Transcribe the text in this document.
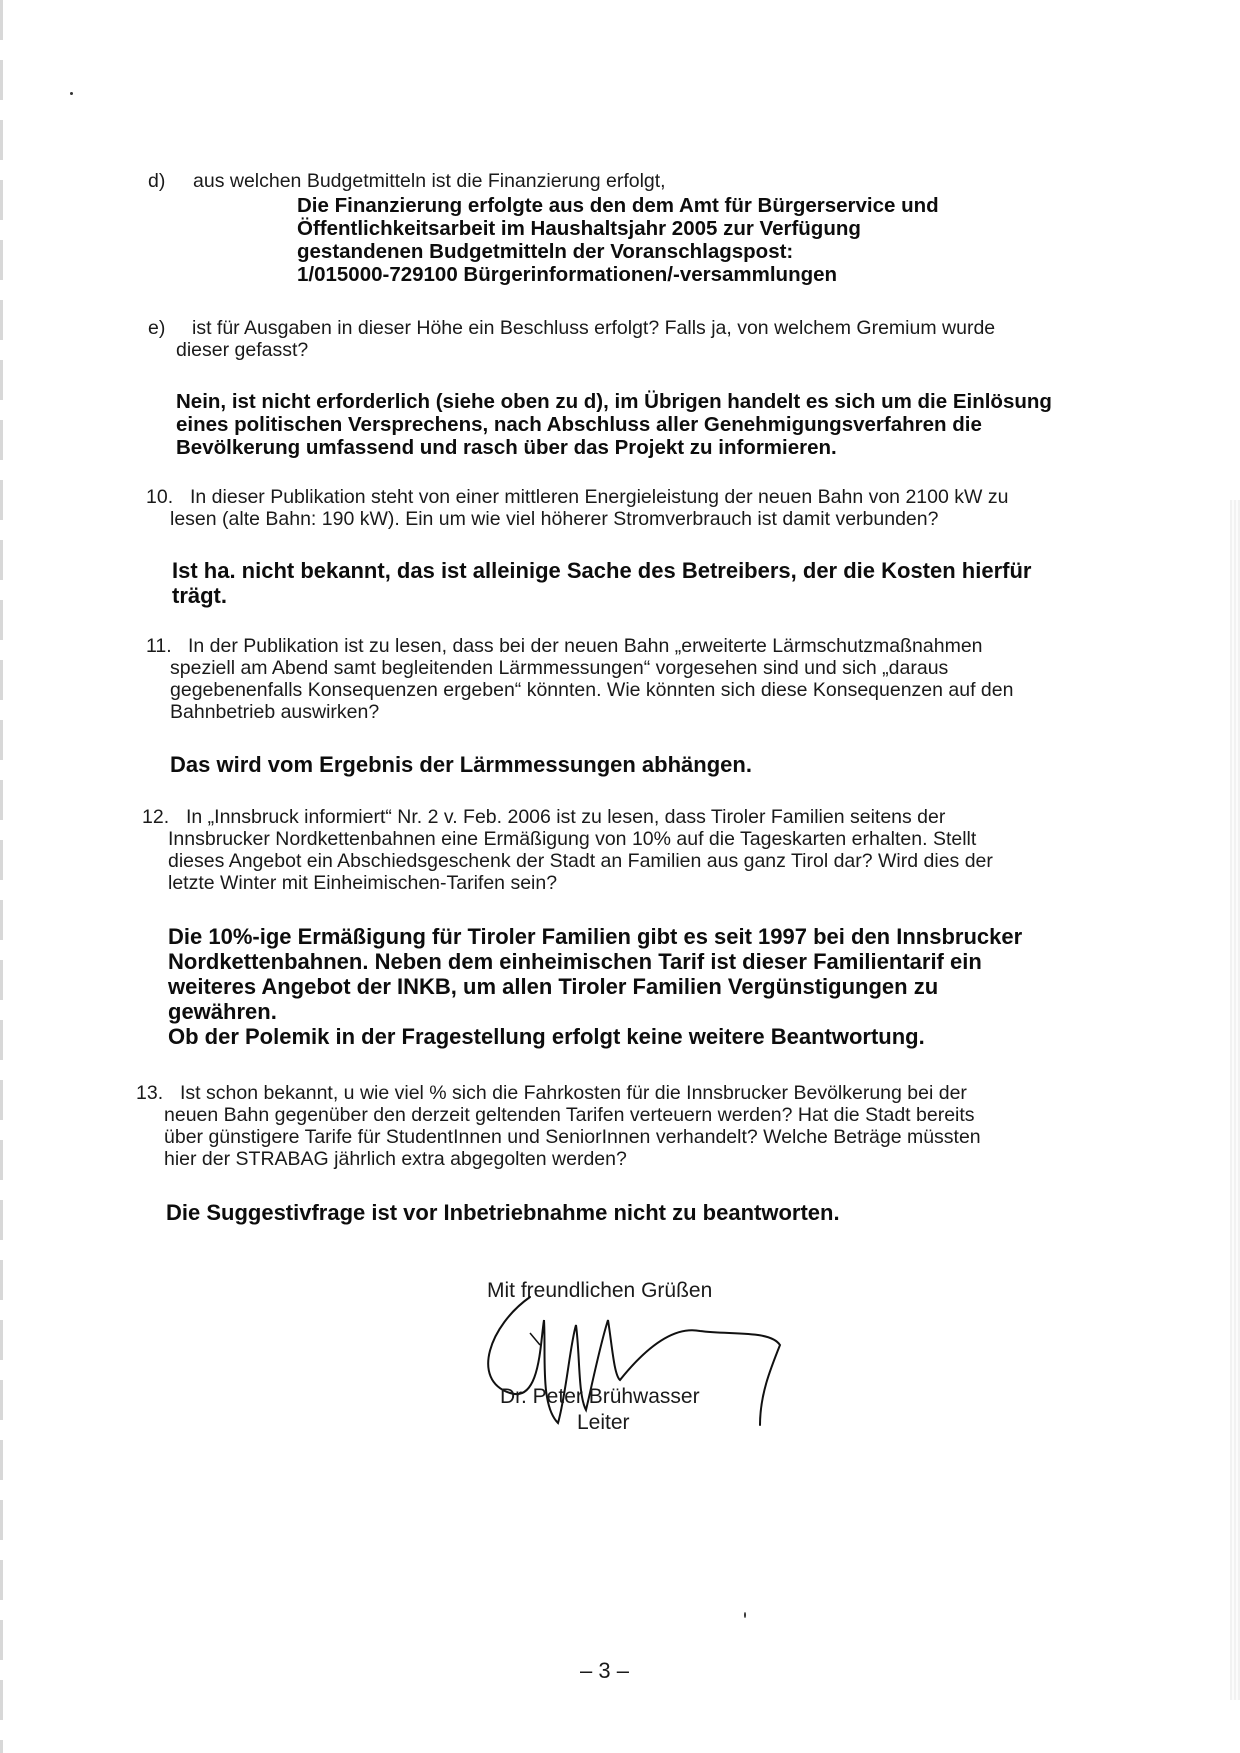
d) aus welchen Budgetmitteln ist die Finanzierung erfolgt,
Die Finanzierung erfolgte aus den dem Amt für Bürgerservice und
Öffentlichkeitsarbeit im Haushaltsjahr 2005 zur Verfügung
gestandenen Budgetmitteln der Voranschlagspost:
1/015000-729100 Bürgerinformationen/-versammlungen
e) ist für Ausgaben in dieser Höhe ein Beschluss erfolgt? Falls ja, von welchem Gremium wurde
dieser gefasst?
Nein, ist nicht erforderlich (siehe oben zu d), im Übrigen handelt es sich um die Einlösung
eines politischen Versprechens, nach Abschluss aller Genehmigungsverfahren die
Bevölkerung umfassend und rasch über das Projekt zu informieren.
10. In dieser Publikation steht von einer mittleren Energieleistung der neuen Bahn von 2100 kW zu
lesen (alte Bahn: 190 kW). Ein um wie viel höherer Stromverbrauch ist damit verbunden?
Ist ha. nicht bekannt, das ist alleinige Sache des Betreibers, der die Kosten hierfür
trägt.
11. In der Publikation ist zu lesen, dass bei der neuen Bahn „erweiterte Lärmschutzmaßnahmen
speziell am Abend samt begleitenden Lärmmessungen“ vorgesehen sind und sich „daraus
gegebenenfalls Konsequenzen ergeben“ könnten. Wie könnten sich diese Konsequenzen auf den
Bahnbetrieb auswirken?
Das wird vom Ergebnis der Lärmmessungen abhängen.
12. In „Innsbruck informiert“ Nr. 2 v. Feb. 2006 ist zu lesen, dass Tiroler Familien seitens der
Innsbrucker Nordkettenbahnen eine Ermäßigung von 10% auf die Tageskarten erhalten. Stellt
dieses Angebot ein Abschiedsgeschenk der Stadt an Familien aus ganz Tirol dar? Wird dies der
letzte Winter mit Einheimischen-Tarifen sein?
Die 10%-ige Ermäßigung für Tiroler Familien gibt es seit 1997 bei den Innsbrucker
Nordkettenbahnen. Neben dem einheimischen Tarif ist dieser Familientarif ein
weiteres Angebot der INKB, um allen Tiroler Familien Vergünstigungen zu
gewähren.
Ob der Polemik in der Fragestellung erfolgt keine weitere Beantwortung.
13. Ist schon bekannt, u wie viel % sich die Fahrkosten für die Innsbrucker Bevölkerung bei der
neuen Bahn gegenüber den derzeit geltenden Tarifen verteuern werden? Hat die Stadt bereits
über günstigere Tarife für StudentInnen und SeniorInnen verhandelt? Welche Beträge müssten
hier der STRABAG jährlich extra abgegolten werden?
Die Suggestivfrage ist vor Inbetriebnahme nicht zu beantworten.
Mit freundlichen Grüßen
Dr. Peter Brühwasser
Leiter
– 3 –
